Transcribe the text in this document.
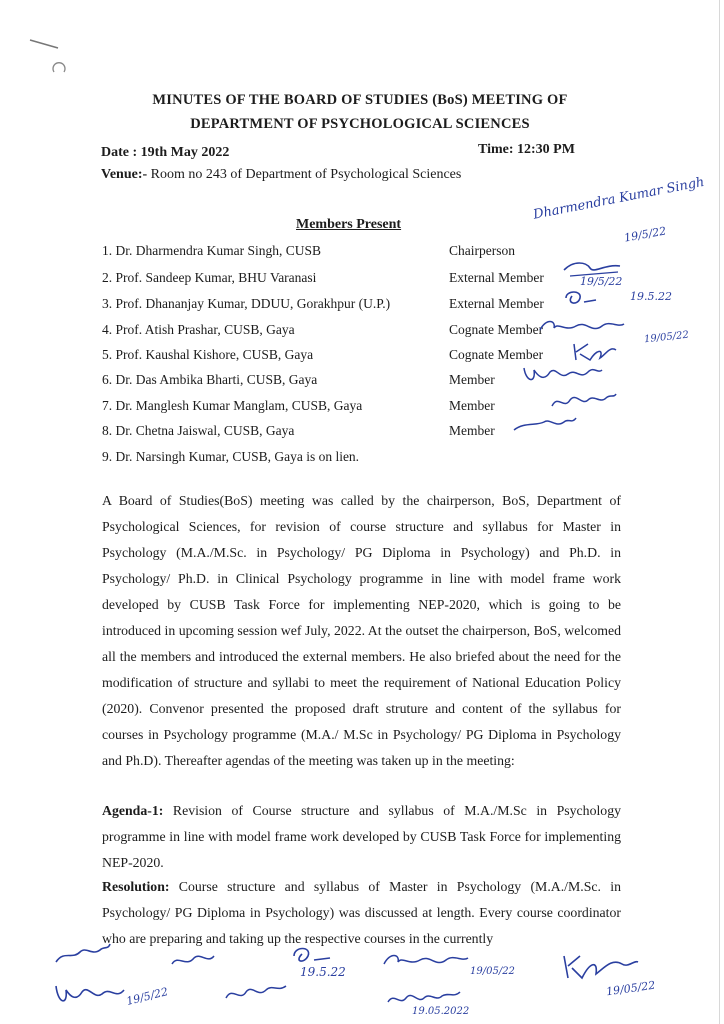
MINUTES OF THE BOARD OF STUDIES (BoS) MEETING OF
DEPARTMENT OF PSYCHOLOGICAL SCIENCES
Date : 19th May 2022	Time: 12:30 PM
Venue:- Room no 243 of Department of Psychological Sciences
Members Present
1. Dr. Dharmendra Kumar Singh, CUSB
2. Prof. Sandeep Kumar, BHU Varanasi
3. Prof. Dhananjay Kumar, DDUU, Gorakhpur (U.P.)
4. Prof. Atish Prashar, CUSB, Gaya
5. Prof. Kaushal Kishore, CUSB, Gaya
6. Dr. Das Ambika Bharti, CUSB, Gaya
7. Dr. Manglesh Kumar Manglam, CUSB, Gaya
8. Dr. Chetna Jaiswal, CUSB, Gaya
9. Dr. Narsingh Kumar, CUSB, Gaya is on lien.
Chairperson
External Member
External Member
Cognate Member
Cognate Member
Member
Member
Member
Dharmendra Kumar Singh
19/5/22
19/5/22
19.5.22
19/05/22
A Board of Studies(BoS) meeting was called by the chairperson, BoS, Department of Psychological Sciences, for revision of course structure and syllabus for Master in Psychology (M.A./M.Sc. in Psychology/ PG Diploma in Psychology) and Ph.D. in Psychology/ Ph.D. in Clinical Psychology programme in line with model frame work developed by CUSB Task Force for implementing NEP-2020, which is going to be introduced in upcoming session wef July, 2022. At the outset the chairperson, BoS, welcomed all the members and introduced the external members. He also briefed about the need for the modification of structure and syllabi to meet the requirement of National Education Policy (2020). Convenor presented the proposed draft struture and content of the syllabus for courses in Psychology programme (M.A./ M.Sc in Psychology/ PG Diploma in Psychology and Ph.D). Thereafter agendas of the meeting was taken up in the meeting:
Agenda-1: Revision of Course structure and syllabus of M.A./M.Sc in Psychology programme in line with model frame work developed by CUSB Task Force for implementing NEP-2020.
Resolution: Course structure and syllabus of Master in Psychology (M.A./M.Sc. in Psychology/ PG Diploma in Psychology) was discussed at length. Every course coordinator who are preparing and taking up the respective courses in the currently
19/5/22
19.5.22	19/05/22
19.05.2022
19/05/22
